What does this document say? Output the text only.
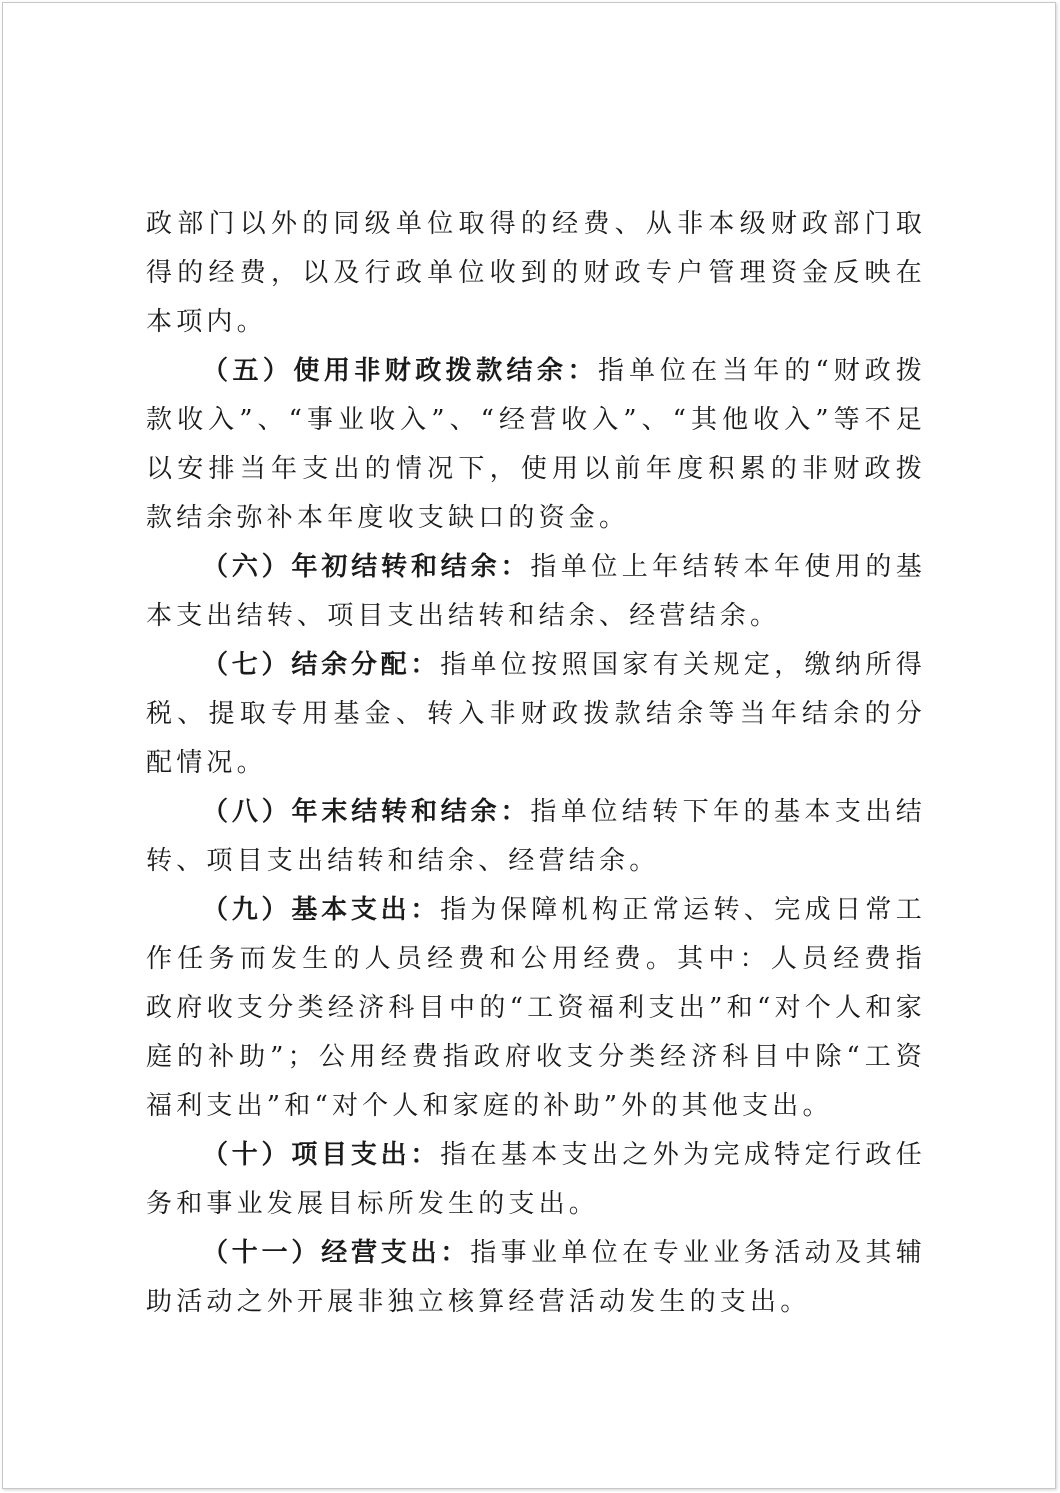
政部门以外的同级单位取得的经费、从非本级财政部门取得的经费，以及行政单位收到的财政专户管理资金反映在本项内。

（五）使用非财政拨款结余：指单位在当年的“财政拨款收入”、“事业收入”、“经营收入”、“其他收入”等不足以安排当年支出的情况下，使用以前年度积累的非财政拨款结余弥补本年度收支缺口的资金。

（六）年初结转和结余：指单位上年结转本年使用的基本支出结转、项目支出结转和结余、经营结余。

（七）结余分配：指单位按照国家有关规定，缴纳所得税、提取专用基金、转入非财政拨款结余等当年结余的分配情况。

（八）年末结转和结余：指单位结转下年的基本支出结转、项目支出结转和结余、经营结余。

（九）基本支出：指为保障机构正常运转、完成日常工作任务而发生的人员经费和公用经费。其中：人员经费指政府收支分类经济科目中的“工资福利支出”和“对个人和家庭的补助”；公用经费指政府收支分类经济科目中除“工资福利支出”和“对个人和家庭的补助”外的其他支出。

（十）项目支出：指在基本支出之外为完成特定行政任务和事业发展目标所发生的支出。

（十一）经营支出：指事业单位在专业业务活动及其辅助活动之外开展非独立核算经营活动发生的支出。
